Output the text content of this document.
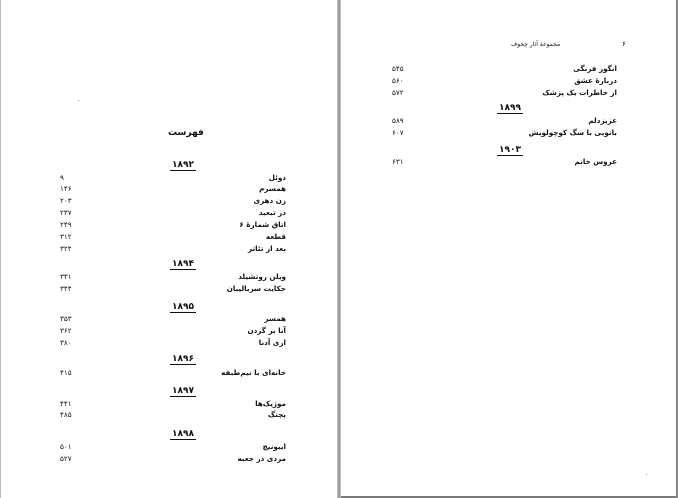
فهرست
۱۸۹۲
دوئل
۹
همسرم
۱۴۶
زن دهری
۲۰۳
در تبعید
۲۳۷
اتاق شمارهٔ ۶
۲۴۹
قطعه
۳۱۲
بعد از تئاتر
۳۲۴
۱۸۹۴
ویلن روتشیلد
۳۳۱
حکایت سربالیبان
۳۴۴
۱۸۹۵
همسر
۳۵۳
آنا بر گردن
۳۶۲
اری آدنا
۳۸۰
۱۸۹۶
خانه‌ای با نیم‌طبقه
۴۱۵
۱۸۹۷
موژیک‌ها
۴۴۱
پچنگ
۴۸۵
۱۸۹۸
ایبونیچ
۵۰۱
مردی در جعبه
۵۲۷
مجموعهٔ آثار چخوف	۶
انگور فرنگی
۵۴۵
دربارهٔ عشق
۵۶۰
از خاطرات یک پزشک
۵۷۲
۱۸۹۹
عزیزدلم
۵۸۹
بانویی با سگ کوچولویش
۶۰۷
۱۹۰۳
عروس خانم
۶۳۱
